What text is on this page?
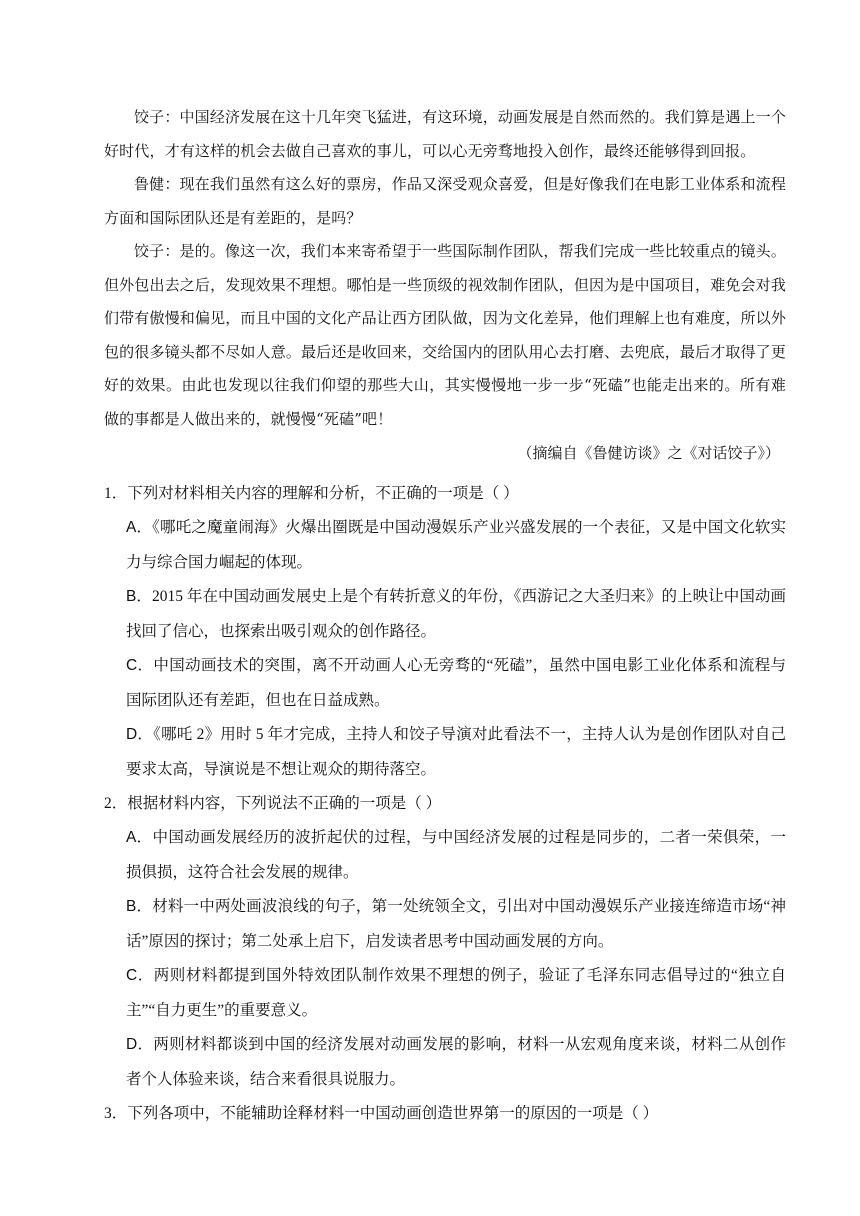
饺子：中国经济发展在这十几年突飞猛进，有这环境，动画发展是自然而然的。我们算是遇上一个好时代，才有这样的机会去做自己喜欢的事儿，可以心无旁骛地投入创作，最终还能够得到回报。

鲁健：现在我们虽然有这么好的票房，作品又深受观众喜爱，但是好像我们在电影工业体系和流程方面和国际团队还是有差距的，是吗？

饺子：是的。像这一次，我们本来寄希望于一些国际制作团队，帮我们完成一些比较重点的镜头。但外包出去之后，发现效果不理想。哪怕是一些顶级的视效制作团队，但因为是中国项目，难免会对我们带有傲慢和偏见，而且中国的文化产品让西方团队做，因为文化差异，他们理解上也有难度，所以外包的很多镜头都不尽如人意。最后还是收回来，交给国内的团队用心去打磨、去兜底，最后才取得了更好的效果。由此也发现以往我们仰望的那些大山，其实慢慢地一步一步“死磕”也能走出来的。所有难做的事都是人做出来的，就慢慢“死磕”吧！

（摘编自《鲁健访谈》之《对话饺子》）

1．下列对材料相关内容的理解和分析，不正确的一项是（ ）

A．《哪吒之魔童闹海》火爆出圈既是中国动漫娱乐产业兴盛发展的一个表征，又是中国文化软实力与综合国力崛起的体现。

B．2015 年在中国动画发展史上是个有转折意义的年份，《西游记之大圣归来》的上映让中国动画找回了信心，也探索出吸引观众的创作路径。

C．中国动画技术的突围，离不开动画人心无旁骛的“死磕”，虽然中国电影工业化体系和流程与国际团队还有差距，但也在日益成熟。

D．《哪吒 2》用时 5 年才完成，主持人和饺子导演对此看法不一，主持人认为是创作团队对自己要求太高，导演说是不想让观众的期待落空。

2．根据材料内容，下列说法不正确的一项是（ ）

A．中国动画发展经历的波折起伏的过程，与中国经济发展的过程是同步的，二者一荣俱荣，一损俱损，这符合社会发展的规律。

B．材料一中两处画波浪线的句子，第一处统领全文，引出对中国动漫娱乐产业接连缔造市场“神话”原因的探讨；第二处承上启下，启发读者思考中国动画发展的方向。

C．两则材料都提到国外特效团队制作效果不理想的例子，验证了毛泽东同志倡导过的“独立自主”“自力更生”的重要意义。

D．两则材料都谈到中国的经济发展对动画发展的影响，材料一从宏观角度来谈，材料二从创作者个人体验来谈，结合来看很具说服力。

3．下列各项中，不能辅助诠释材料一中国动画创造世界第一的原因的一项是（ ）
